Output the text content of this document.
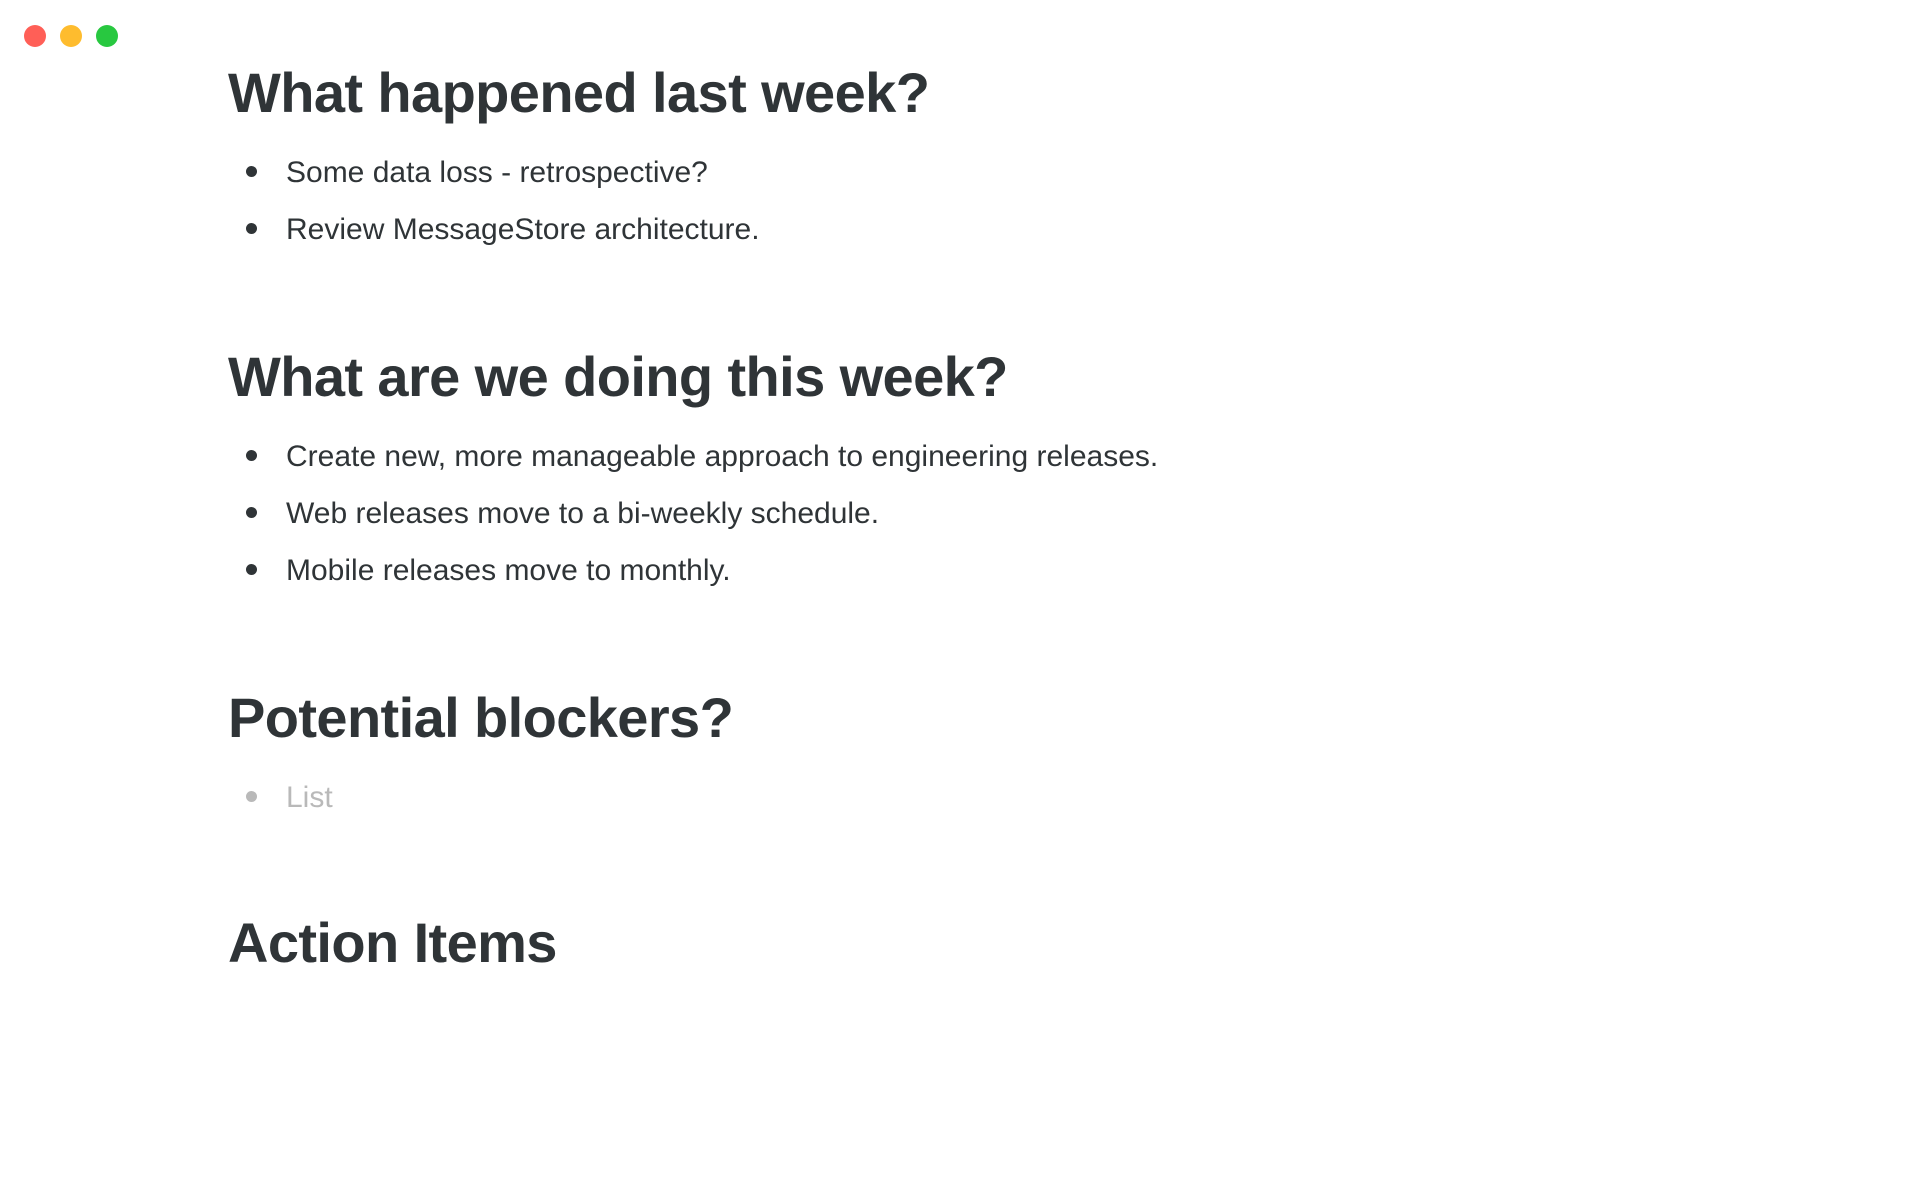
What happened last week?
Some data loss - retrospective?
Review MessageStore architecture.
What are we doing this week?
Create new, more manageable approach to engineering releases.
Web releases move to a bi-weekly schedule.
Mobile releases move to monthly.
Potential blockers?
List
Action Items
